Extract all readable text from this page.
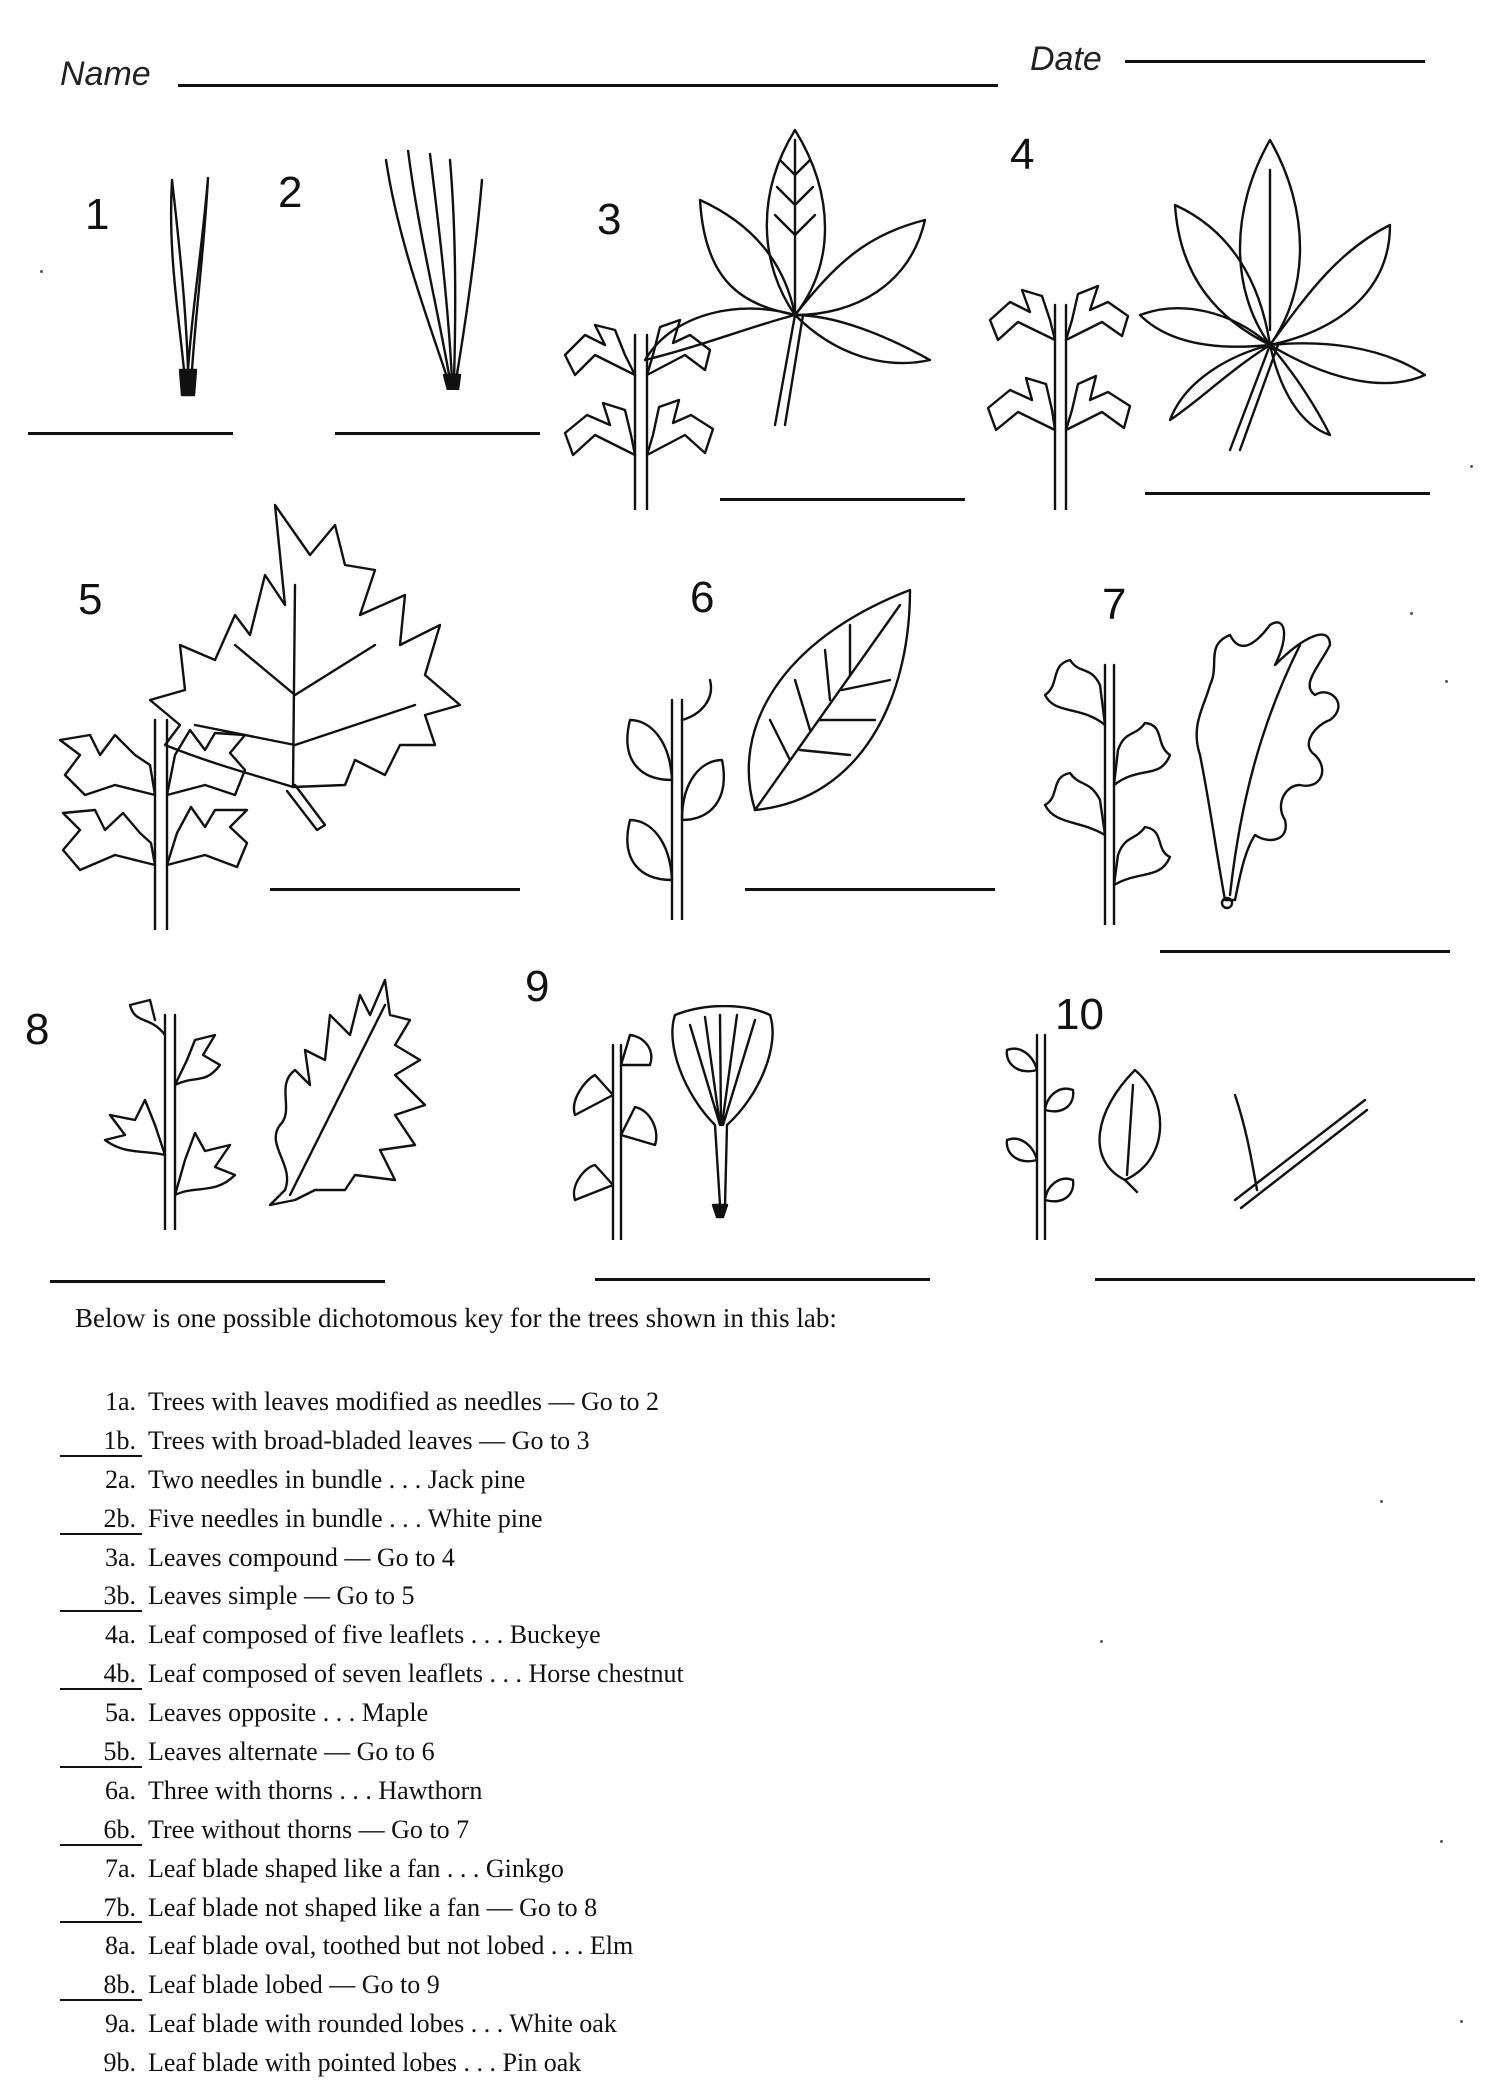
Name	Date
1	2
3
4
5	6	7
8
9
10
Below is one possible dichotomous key for the trees shown in this lab:
1a. Trees with leaves modified as needles — Go to 2
1b. Trees with broad-bladed leaves — Go to 3
2a. Two needles in bundle . . . Jack pine
2b. Five needles in bundle . . . White pine
3a. Leaves compound — Go to 4
3b. Leaves simple — Go to 5
4a. Leaf composed of five leaflets . . . Buckeye
4b. Leaf composed of seven leaflets . . . Horse chestnut
5a. Leaves opposite . . . Maple
5b. Leaves alternate — Go to 6
6a. Three with thorns . . . Hawthorn
6b. Tree without thorns — Go to 7
7a. Leaf blade shaped like a fan . . . Ginkgo
7b. Leaf blade not shaped like a fan — Go to 8
8a. Leaf blade oval, toothed but not lobed . . . Elm
8b. Leaf blade lobed — Go to 9
9a. Leaf blade with rounded lobes . . . White oak
9b. Leaf blade with pointed lobes . . . Pin oak
